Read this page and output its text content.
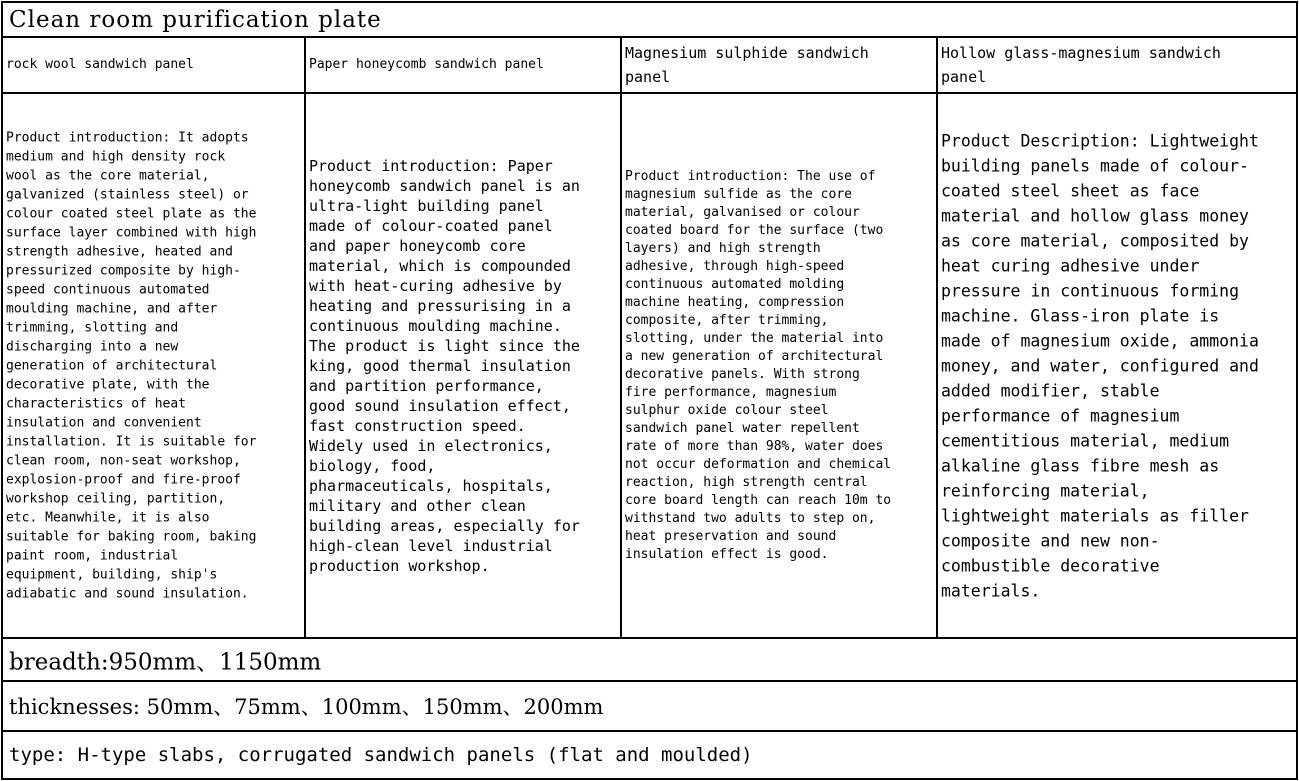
Clean room purification plate
rock wool sandwich panel	Paper honeycomb sandwich panel
Magnesium sulphide sandwich
panel
Hollow glass-magnesium sandwich
panel

Product introduction: It adopts
medium and high density rock
wool as the core material,
galvanized (stainless steel) or
colour coated steel plate as the
surface layer combined with high
strength adhesive, heated and
pressurized composite by high-
speed continuous automated
moulding machine, and after
trimming, slotting and
discharging into a new
generation of architectural
decorative plate, with the
characteristics of heat
insulation and convenient
installation. It is suitable for
clean room, non-seat workshop,
explosion-proof and fire-proof
workshop ceiling, partition,
etc. Meanwhile, it is also
suitable for baking room, baking
paint room, industrial
equipment, building, ship's
adiabatic and sound insulation.

Product introduction: Paper
honeycomb sandwich panel is an
ultra-light building panel
made of colour-coated panel
and paper honeycomb core
material, which is compounded
with heat-curing adhesive by
heating and pressurising in a
continuous moulding machine.
The product is light since the
king, good thermal insulation
and partition performance,
good sound insulation effect,
fast construction speed.
Widely used in electronics,
biology, food,
pharmaceuticals, hospitals,
military and other clean
building areas, especially for
high-clean level industrial
production workshop.

Product introduction: The use of
magnesium sulfide as the core
material, galvanised or colour
coated board for the surface (two
layers) and high strength
adhesive, through high-speed
continuous automated molding
machine heating, compression
composite, after trimming,
slotting, under the material into
a new generation of architectural
decorative panels. With strong
fire performance, magnesium
sulphur oxide colour steel
sandwich panel water repellent
rate of more than 98%, water does
not occur deformation and chemical
reaction, high strength central
core board length can reach 10m to
withstand two adults to step on,
heat preservation and sound
insulation effect is good.

Product Description: Lightweight
building panels made of colour-
coated steel sheet as face
material and hollow glass money
as core material, composited by
heat curing adhesive under
pressure in continuous forming
machine. Glass-iron plate is
made of magnesium oxide, ammonia
money, and water, configured and
added modifier, stable
performance of magnesium
cementitious material, medium
alkaline glass fibre mesh as
reinforcing material,
lightweight materials as filler
composite and new non-
combustible decorative
materials.

breadth:950mm、1150mm
thicknesses: 50mm、75mm、100mm、150mm、200mm
type: H-type slabs, corrugated sandwich panels (flat and moulded)
